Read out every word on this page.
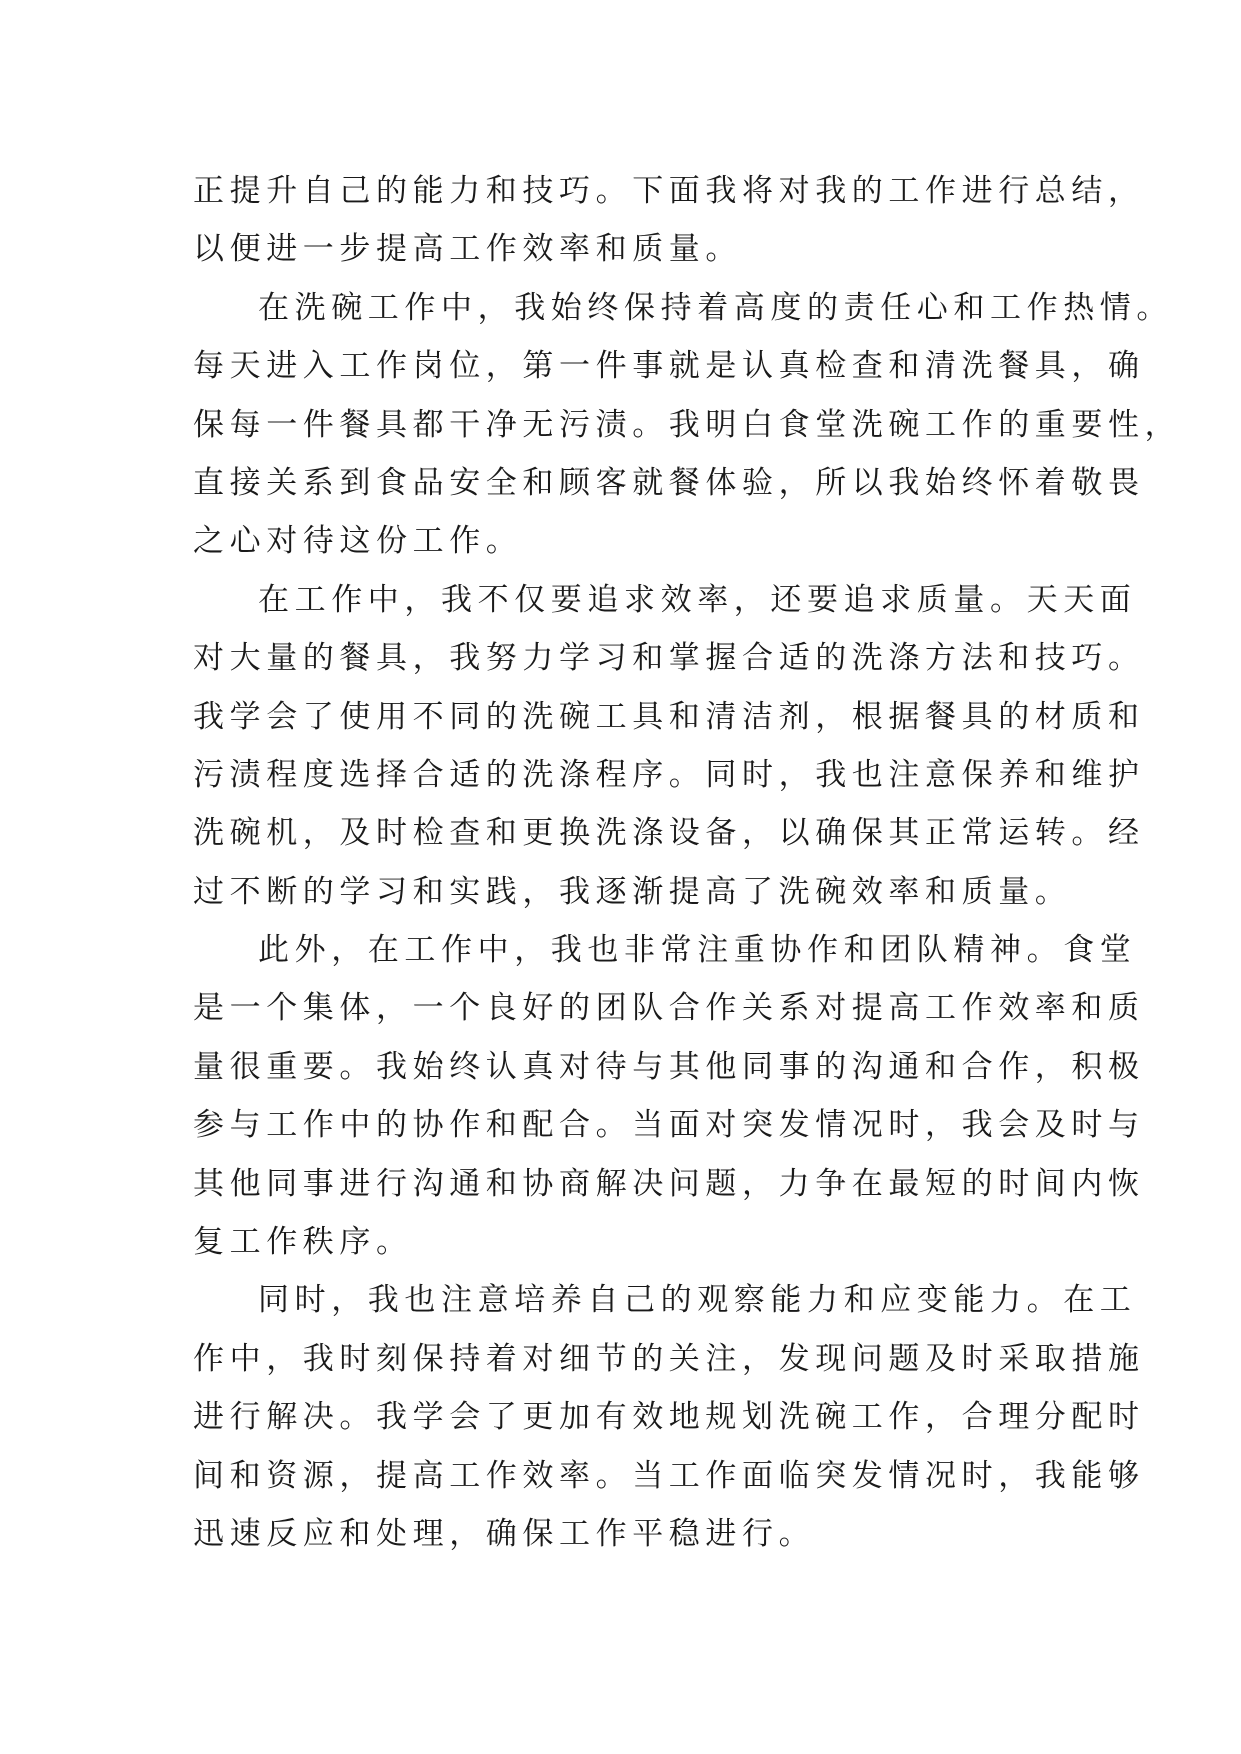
正提升自己的能力和技巧。下面我将对我的工作进行总结，
以便进一步提高工作效率和质量。
在洗碗工作中，我始终保持着高度的责任心和工作热情。
每天进入工作岗位，第一件事就是认真检查和清洗餐具，确
保每一件餐具都干净无污渍。我明白食堂洗碗工作的重要性，
直接关系到食品安全和顾客就餐体验，所以我始终怀着敬畏
之心对待这份工作。
在工作中，我不仅要追求效率，还要追求质量。天天面
对大量的餐具，我努力学习和掌握合适的洗涤方法和技巧。
我学会了使用不同的洗碗工具和清洁剂，根据餐具的材质和
污渍程度选择合适的洗涤程序。同时，我也注意保养和维护
洗碗机，及时检查和更换洗涤设备，以确保其正常运转。经
过不断的学习和实践，我逐渐提高了洗碗效率和质量。
此外，在工作中，我也非常注重协作和团队精神。食堂
是一个集体，一个良好的团队合作关系对提高工作效率和质
量很重要。我始终认真对待与其他同事的沟通和合作，积极
参与工作中的协作和配合。当面对突发情况时，我会及时与
其他同事进行沟通和协商解决问题，力争在最短的时间内恢
复工作秩序。
同时，我也注意培养自己的观察能力和应变能力。在工
作中，我时刻保持着对细节的关注，发现问题及时采取措施
进行解决。我学会了更加有效地规划洗碗工作，合理分配时
间和资源，提高工作效率。当工作面临突发情况时，我能够
迅速反应和处理，确保工作平稳进行。
